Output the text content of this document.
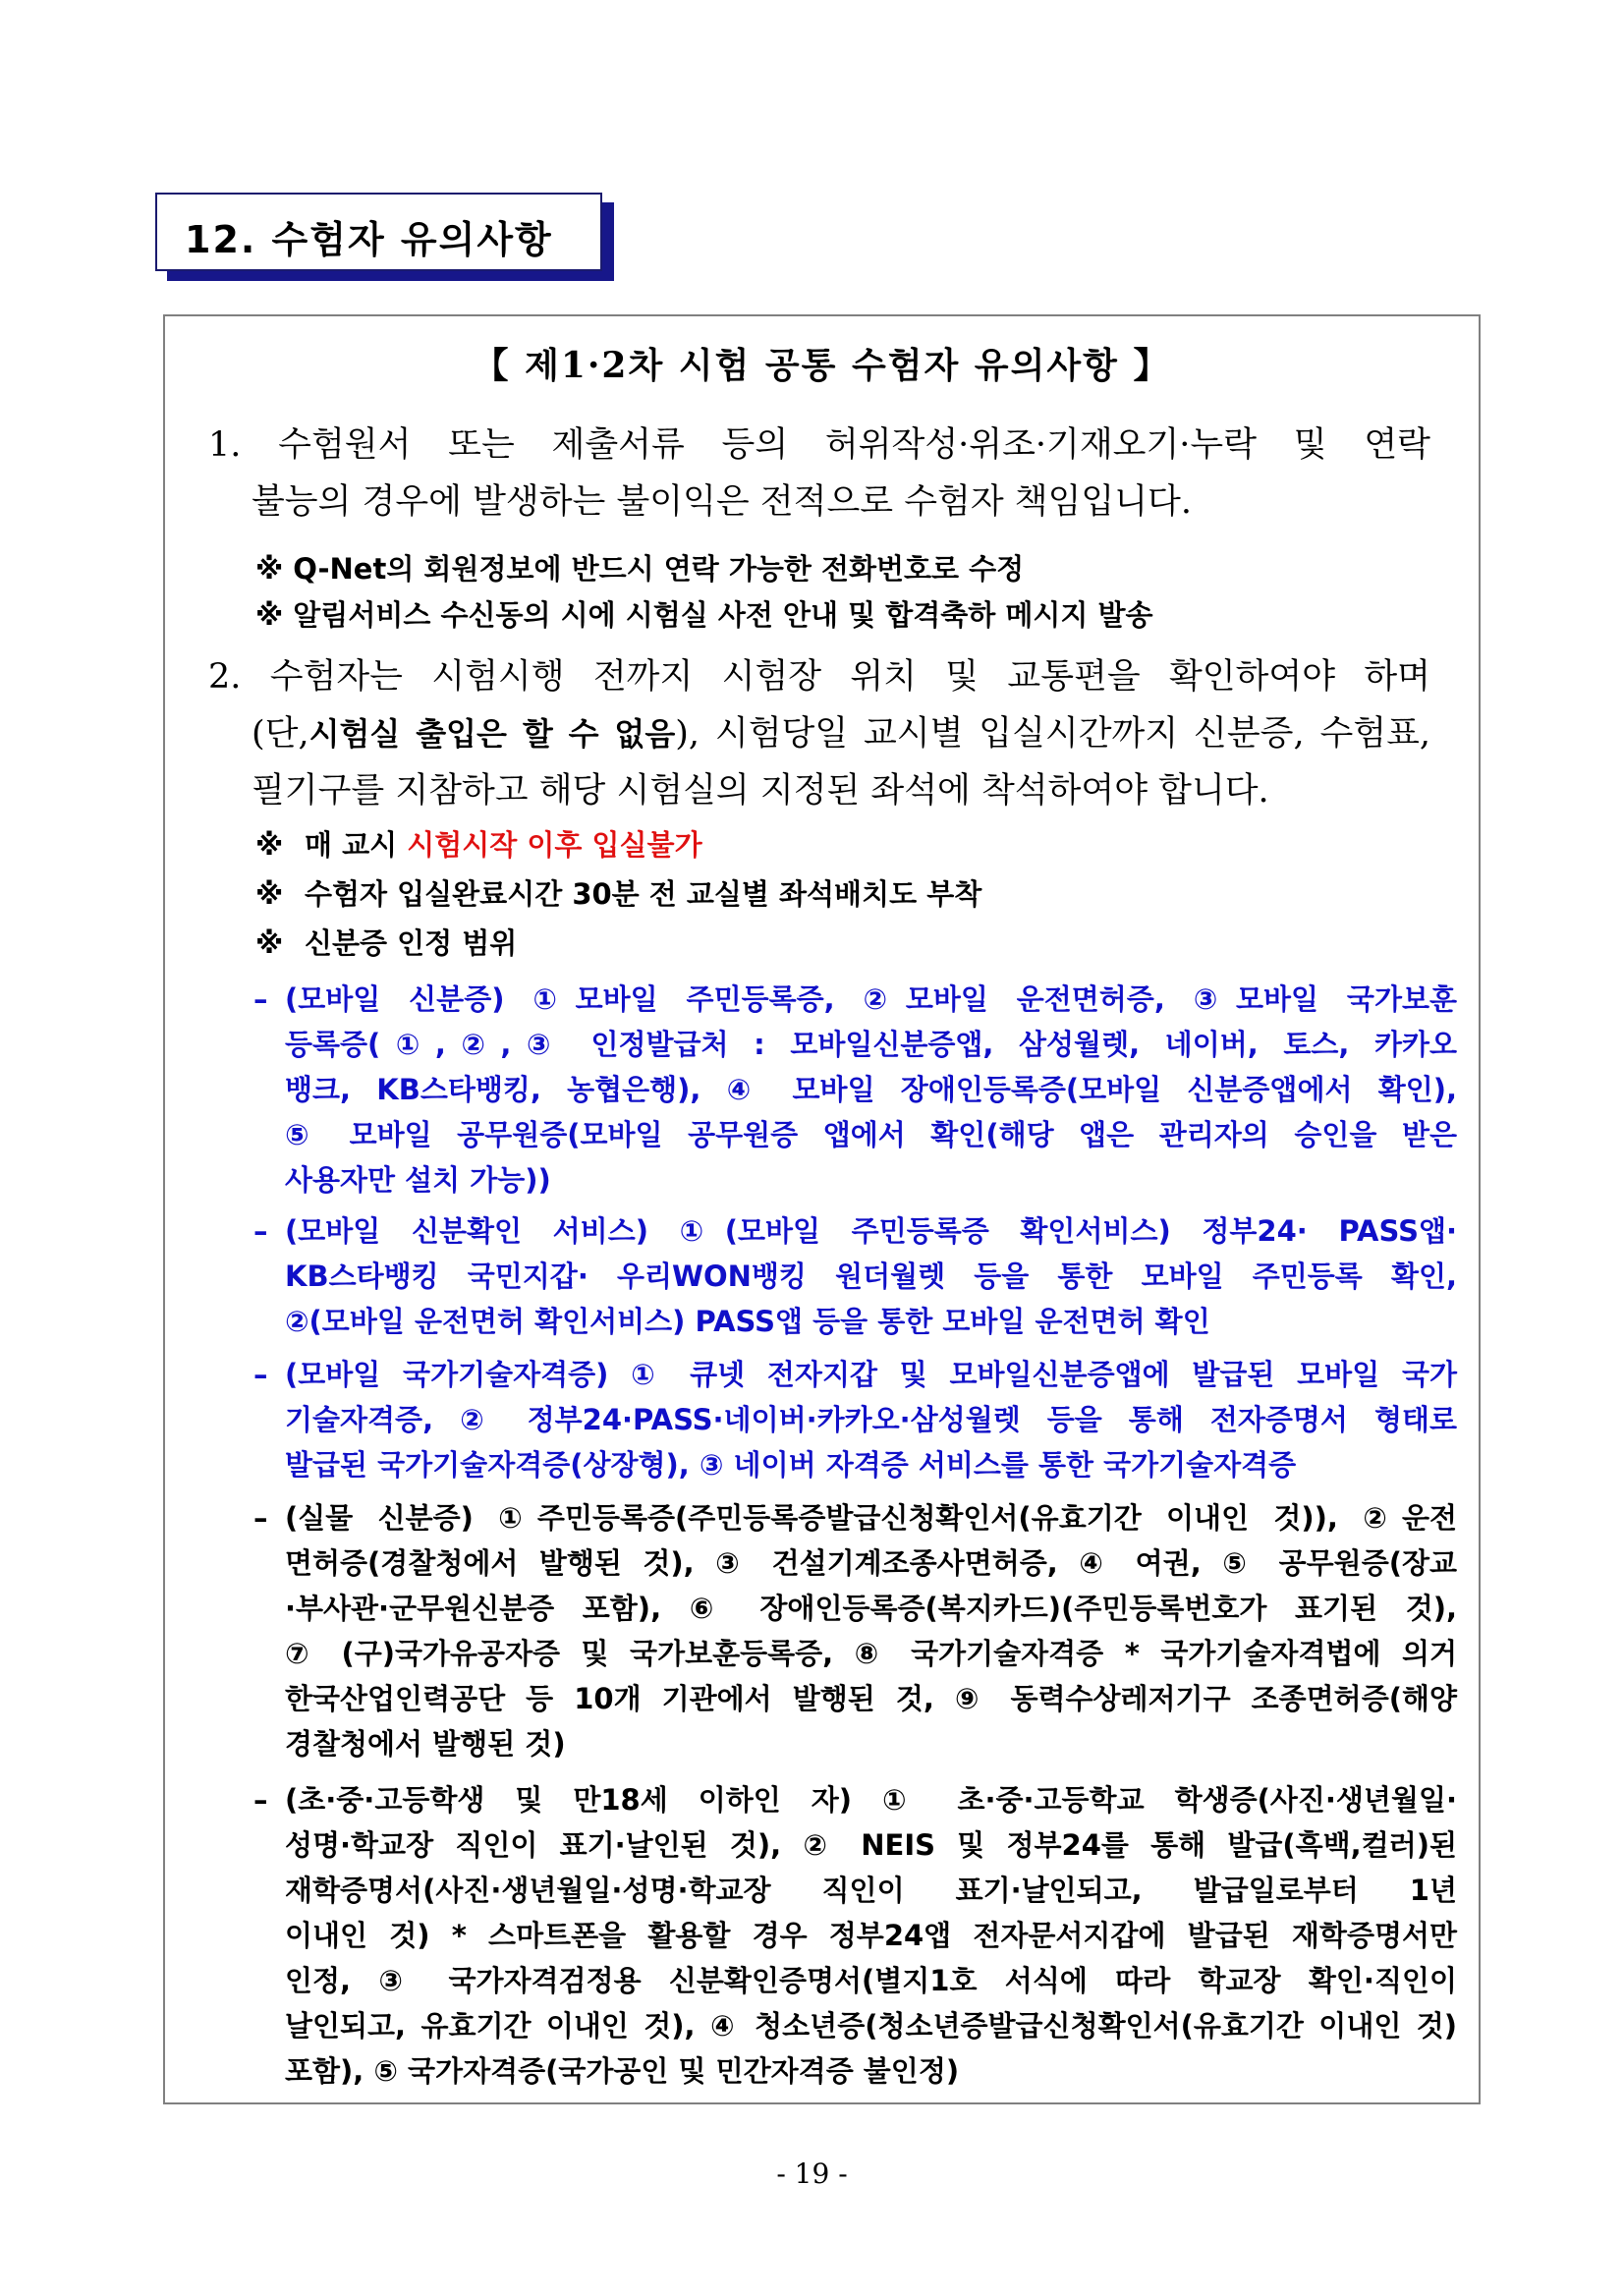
12. 수험자 유의사항
【 제1·2차 시험 공통 수험자 유의사항 】
1. 수험원서 또는 제출서류 등의 허위작성·위조·기재오기·누락 및 연락
불능의 경우에 발생하는 불이익은 전적으로 수험자 책임입니다.
※ Q-Net의 회원정보에 반드시 연락 가능한 전화번호로 수정
※ 알림서비스 수신동의 시에 시험실 사전 안내 및 합격축하 메시지 발송
2. 수험자는 시험시행 전까지 시험장 위치 및 교통편을 확인하여야 하며
(단,시험실 출입은 할 수 없음), 시험당일 교시별 입실시간까지 신분증, 수험표,
필기구를 지참하고 해당 시험실의 지정된 좌석에 착석하여야 합니다.
※ 매 교시 시험시작 이후 입실불가
※ 수험자 입실완료시간 30분 전 교실별 좌석배치도 부착
※ 신분증 인정 범위
– (모바일 신분증) ①모바일 주민등록증, ②모바일 운전면허증, ③모바일 국가보훈
등록증(①,②,③ 인정발급처 : 모바일신분증앱, 삼성월렛, 네이버, 토스, 카카오
뱅크, KB스타뱅킹, 농협은행), ④ 모바일 장애인등록증(모바일 신분증앱에서 확인),
⑤ 모바일 공무원증(모바일 공무원증 앱에서 확인(해당 앱은 관리자의 승인을 받은
사용자만 설치 가능))
– (모바일 신분확인 서비스) ①(모바일 주민등록증 확인서비스) 정부24· PASS앱·
KB스타뱅킹 국민지갑· 우리WON뱅킹 원더월렛 등을 통한 모바일 주민등록 확인,
②(모바일 운전면허 확인서비스) PASS앱 등을 통한 모바일 운전면허 확인
– (모바일 국가기술자격증) ① 큐넷 전자지갑 및 모바일신분증앱에 발급된 모바일 국가
기술자격증, ② 정부24·PASS·네이버·카카오·삼성월렛 등을 통해 전자증명서 형태로
발급된 국가기술자격증(상장형), ③ 네이버 자격증 서비스를 통한 국가기술자격증
– (실물 신분증) ①주민등록증(주민등록증발급신청확인서(유효기간 이내인 것)), ②운전
면허증(경찰청에서 발행된 것), ③ 건설기계조종사면허증, ④ 여권, ⑤ 공무원증(장교
·부사관·군무원신분증 포함), ⑥ 장애인등록증(복지카드)(주민등록번호가 표기된 것),
⑦ (구)국가유공자증 및 국가보훈등록증, ⑧ 국가기술자격증 * 국가기술자격법에 의거
한국산업인력공단 등 10개 기관에서 발행된 것, ⑨ 동력수상레저기구 조종면허증(해양
경찰청에서 발행된 것)
– (초·중·고등학생 및 만18세 이하인 자) ① 초·중·고등학교 학생증(사진·생년월일·
성명·학교장 직인이 표기·날인된 것), ② NEIS 및 정부24를 통해 발급(흑백,컬러)된
재학증명서(사진·생년월일·성명·학교장 직인이 표기·날인되고, 발급일로부터 1년
이내인 것) * 스마트폰을 활용할 경우 정부24앱 전자문서지갑에 발급된 재학증명서만
인정, ③ 국가자격검정용 신분확인증명서(별지1호 서식에 따라 학교장 확인·직인이
날인되고, 유효기간 이내인 것), ④ 청소년증(청소년증발급신청확인서(유효기간 이내인 것)
포함), ⑤ 국가자격증(국가공인 및 민간자격증 불인정)
- 19 -
